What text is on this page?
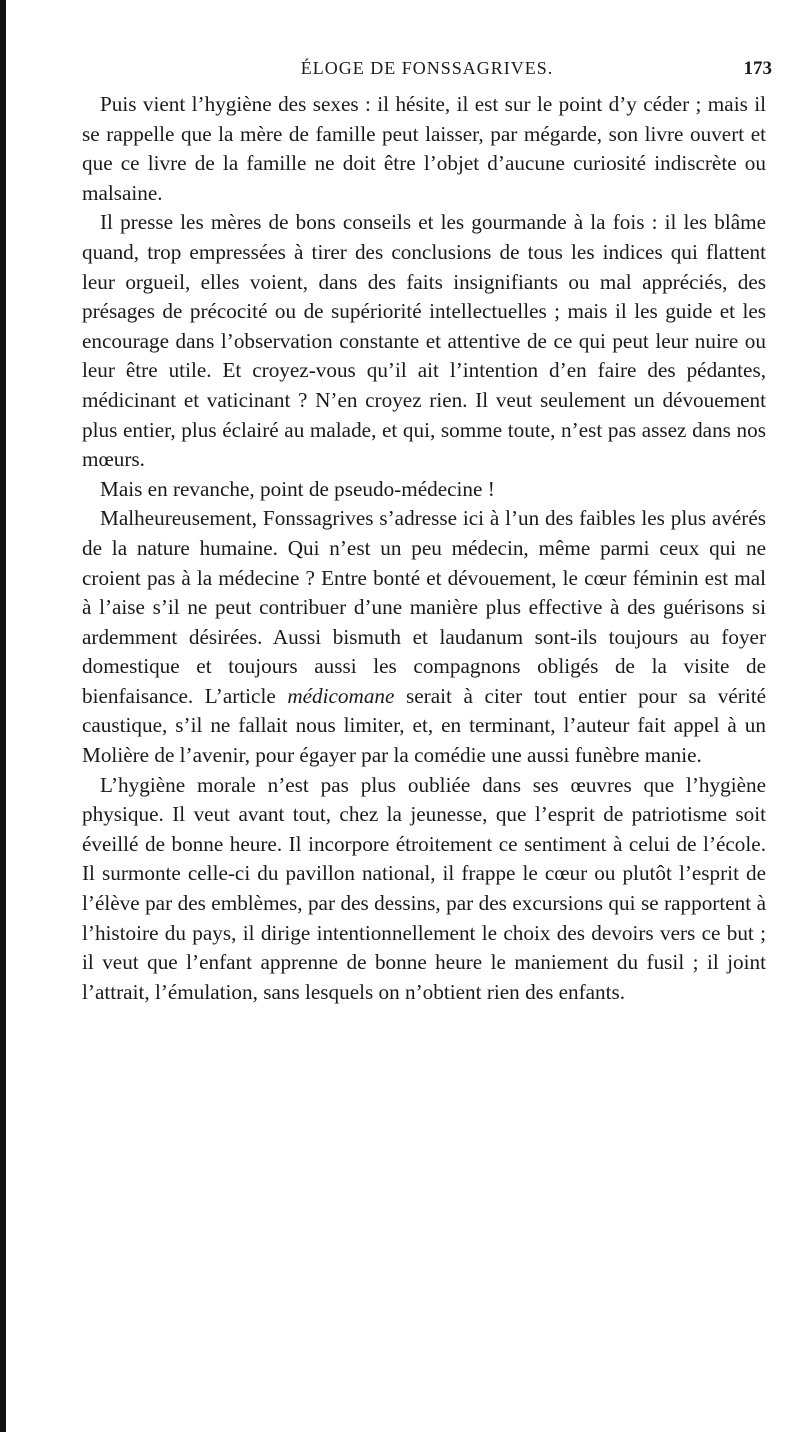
ÉLOGE DE FONSSAGRIVES.	173

Puis vient l’hygiène des sexes : il hésite, il est sur le point d’y céder ; mais il se rappelle que la mère de famille peut laisser, par mégarde, son livre ouvert et que ce livre de la famille ne doit être l’objet d’aucune curiosité indiscrète ou malsaine.

Il presse les mères de bons conseils et les gourmande à la fois : il les blâme quand, trop empressées à tirer des conclusions de tous les indices qui flattent leur orgueil, elles voient, dans des faits insignifiants ou mal appréciés, des présages de précocité ou de supériorité intellectuelles ; mais il les guide et les encourage dans l’observation constante et attentive de ce qui peut leur nuire ou leur être utile. Et croyez-vous qu’il ait l’intention d’en faire des pédantes, médicinant et vaticinant ? N’en croyez rien. Il veut seulement un dévouement plus entier, plus éclairé au malade, et qui, somme toute, n’est pas assez dans nos mœurs.

Mais en revanche, point de pseudo-médecine !

Malheureusement, Fonssagrives s’adresse ici à l’un des faibles les plus avérés de la nature humaine. Qui n’est un peu médecin, même parmi ceux qui ne croient pas à la médecine ? Entre bonté et dévouement, le cœur féminin est mal à l’aise s’il ne peut contribuer d’une manière plus effective à des guérisons si ardemment désirées. Aussi bismuth et laudanum sont-ils toujours au foyer domestique et toujours aussi les compagnons obligés de la visite de bienfaisance. L’article médicomane serait à citer tout entier pour sa vérité caustique, s’il ne fallait nous limiter, et, en terminant, l’auteur fait appel à un Molière de l’avenir, pour égayer par la comédie une aussi funèbre manie.

L’hygiène morale n’est pas plus oubliée dans ses œuvres que l’hygiène physique. Il veut avant tout, chez la jeunesse, que l’esprit de patriotisme soit éveillé de bonne heure. Il incorpore étroitement ce sentiment à celui de l’école. Il surmonte celle-ci du pavillon national, il frappe le cœur ou plutôt l’esprit de l’élève par des emblèmes, par des dessins, par des excursions qui se rapportent à l’histoire du pays, il dirige intentionnellement le choix des devoirs vers ce but ; il veut que l’enfant apprenne de bonne heure le maniement du fusil ; il joint l’attrait, l’émulation, sans lesquels on n’obtient rien des enfants.
